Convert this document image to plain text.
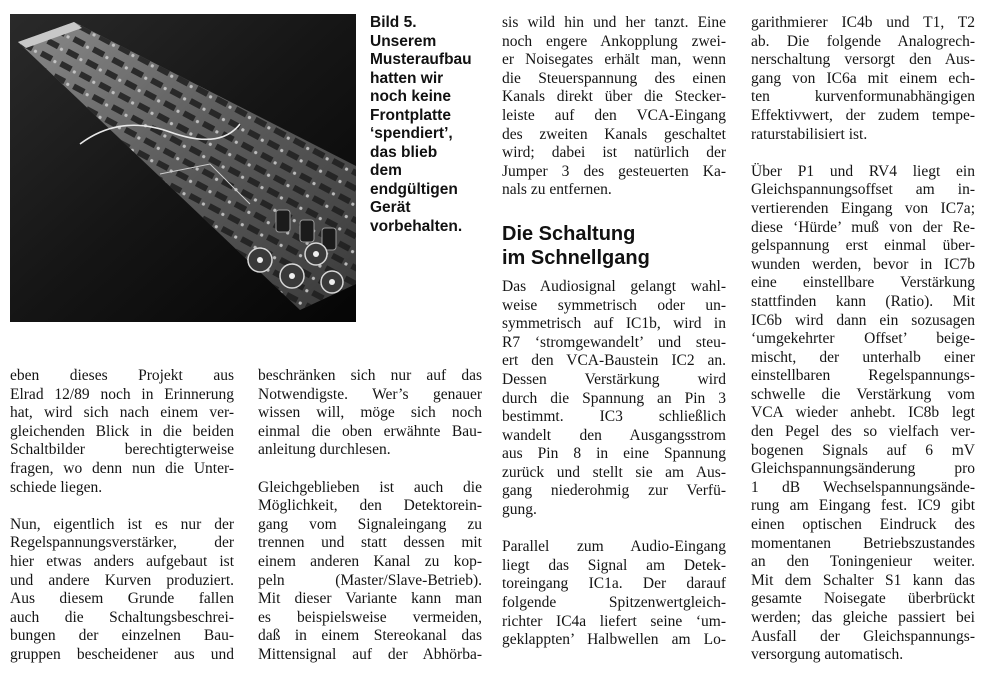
Bild 5.
Unserem
Musteraufbau
hatten wir
noch keine
Frontplatte
‘spendiert’,
das blieb
dem
endgültigen
Gerät
vorbehalten.
eben dieses Projekt aus
Elrad 12/89 noch in Erinnerung
hat, wird sich nach einem ver-
gleichenden Blick in die beiden
Schaltbilder berechtigterweise
fragen, wo denn nun die Unter-
schiede liegen.
Nun, eigentlich ist es nur der
Regelspannungsverstärker, der
hier etwas anders aufgebaut ist
und andere Kurven produziert.
Aus diesem Grunde fallen
auch die Schaltungsbeschrei-
bungen der einzelnen Bau-
gruppen bescheidener aus und
beschränken sich nur auf das
Notwendigste. Wer’s genauer
wissen will, möge sich noch
einmal die oben erwähnte Bau-
anleitung durchlesen.
Gleichgeblieben ist auch die
Möglichkeit, den Detektorein-
gang vom Signaleingang zu
trennen und statt dessen mit
einem anderen Kanal zu kop-
peln (Master/Slave-Betrieb).
Mit dieser Variante kann man
es beispielsweise vermeiden,
daß in einem Stereokanal das
Mittensignal auf der Abhörba-
sis wild hin und her tanzt. Eine
noch engere Ankopplung zwei-
er Noisegates erhält man, wenn
die Steuerspannung des einen
Kanals direkt über die Stecker-
leiste auf den VCA-Eingang
des zweiten Kanals geschaltet
wird; dabei ist natürlich der
Jumper 3 des gesteuerten Ka-
nals zu entfernen.
Die Schaltung
im Schnellgang
Das Audiosignal gelangt wahl-
weise symmetrisch oder un-
symmetrisch auf IC1b, wird in
R7 ‘stromgewandelt’ und steu-
ert den VCA-Baustein IC2 an.
Dessen Verstärkung wird
durch die Spannung an Pin 3
bestimmt. IC3 schließlich
wandelt den Ausgangsstrom
aus Pin 8 in eine Spannung
zurück und stellt sie am Aus-
gang niederohmig zur Verfü-
gung.
Parallel zum Audio-Eingang
liegt das Signal am Detek-
toreingang IC1a. Der darauf
folgende Spitzenwertgleich-
richter IC4a liefert seine ‘um-
geklappten’ Halbwellen am Lo-
garithmierer IC4b und T1, T2
ab. Die folgende Analogrech-
nerschaltung versorgt den Aus-
gang von IC6a mit einem ech-
ten kurvenformunabhängigen
Effektivwert, der zudem tempe-
raturstabilisiert ist.
Über P1 und RV4 liegt ein
Gleichspannungsoffset am in-
vertierenden Eingang von IC7a;
diese ‘Hürde’ muß von der Re-
gelspannung erst einmal über-
wunden werden, bevor in IC7b
eine einstellbare Verstärkung
stattfinden kann (Ratio). Mit
IC6b wird dann ein sozusagen
‘umgekehrter Offset’ beige-
mischt, der unterhalb einer
einstellbaren Regelspannungs-
schwelle die Verstärkung vom
VCA wieder anhebt. IC8b legt
den Pegel des so vielfach ver-
bogenen Signals auf 6 mV
Gleichspannungsänderung pro
1 dB Wechselspannungsände-
rung am Eingang fest. IC9 gibt
einen optischen Eindruck des
momentanen Betriebszustandes
an den Toningenieur weiter.
Mit dem Schalter S1 kann das
gesamte Noisegate überbrückt
werden; das gleiche passiert bei
Ausfall der Gleichspannungs-
versorgung automatisch.
